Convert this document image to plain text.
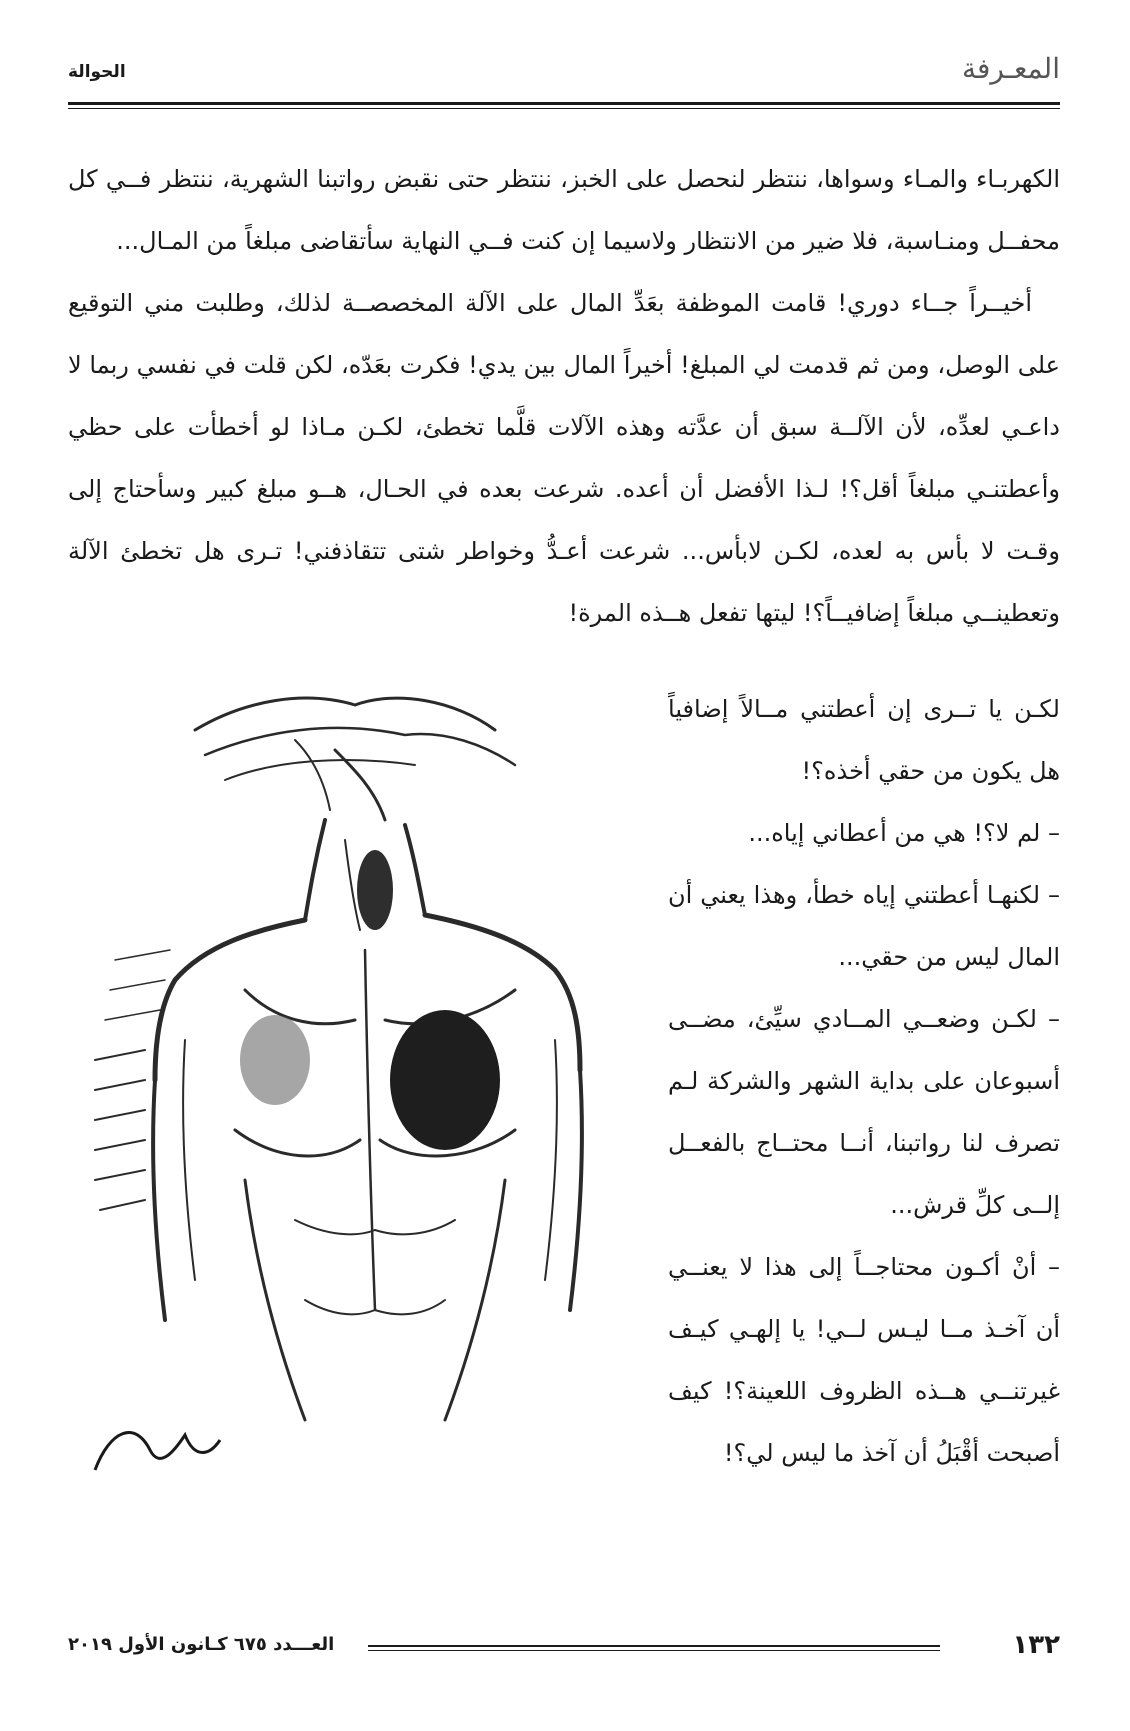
المعـرفة
الحوالة

الكهربـاء والمـاء وسواها، ننتظر لنحصل على الخبز، ننتظر حتى نقبض رواتبنا الشهرية، ننتظر فــي كل محفــل ومنـاسبة، فلا ضير من الانتظار ولاسيما إن كنت فــي النهاية سأتقاضى مبلغاً من المـال...

أخيــراً جــاء دوري! قامت الموظفة بعَدِّ المال على الآلة المخصصــة لذلك، وطلبت مني التوقيع على الوصل، ومن ثم قدمت لي المبلغ! أخيراً المال بين يدي! فكرت بعَدّه، لكن قلت في نفسي ربما لا داعـي لعدِّه، لأن الآلــة سبق أن عدَّته وهذه الآلات قلَّما تخطئ، لكـن مـاذا لو أخطأت على حظي وأعطتنـي مبلغاً أقل؟! لـذا الأفضل أن أعده. شرعت بعده في الحـال، هــو مبلغ كبير وسأحتاج إلى وقـت لا بأس به لعده، لكـن لابأس... شرعت أعـدُّ وخواطر شتى تتقاذفني! تـرى هل تخطئ الآلة وتعطينــي مبلغاً إضافيــاً؟! ليتها تفعل هــذه المرة!

لكـن يا تــرى إن أعطتني مــالاً إضافياً هل يكون من حقي أخذه؟!

– لم لا؟! هي من أعطاني إياه...

– لكنهـا أعطتني إياه خطأ، وهذا يعني أن المال ليس من حقي...

– لكـن وضعــي المــادي سيِّئ، مضــى أسبوعان على بداية الشهر والشركة لـم تصرف لنا رواتبنا، أنــا محتــاج بالفعــل إلــى كلِّ قرش...

– أنْ أكـون محتاجــاً إلى هذا لا يعنــي أن آخـذ مــا ليـس لــي! يا إلهـي كيـف غيرتنــي هــذه الظروف اللعينة؟! كيف أصبحت أقْبَلُ أن آخذ ما ليس لي؟!

هيثم
١٣٢
العـــدد ٦٧٥ كـانون الأول ٢٠١٩
